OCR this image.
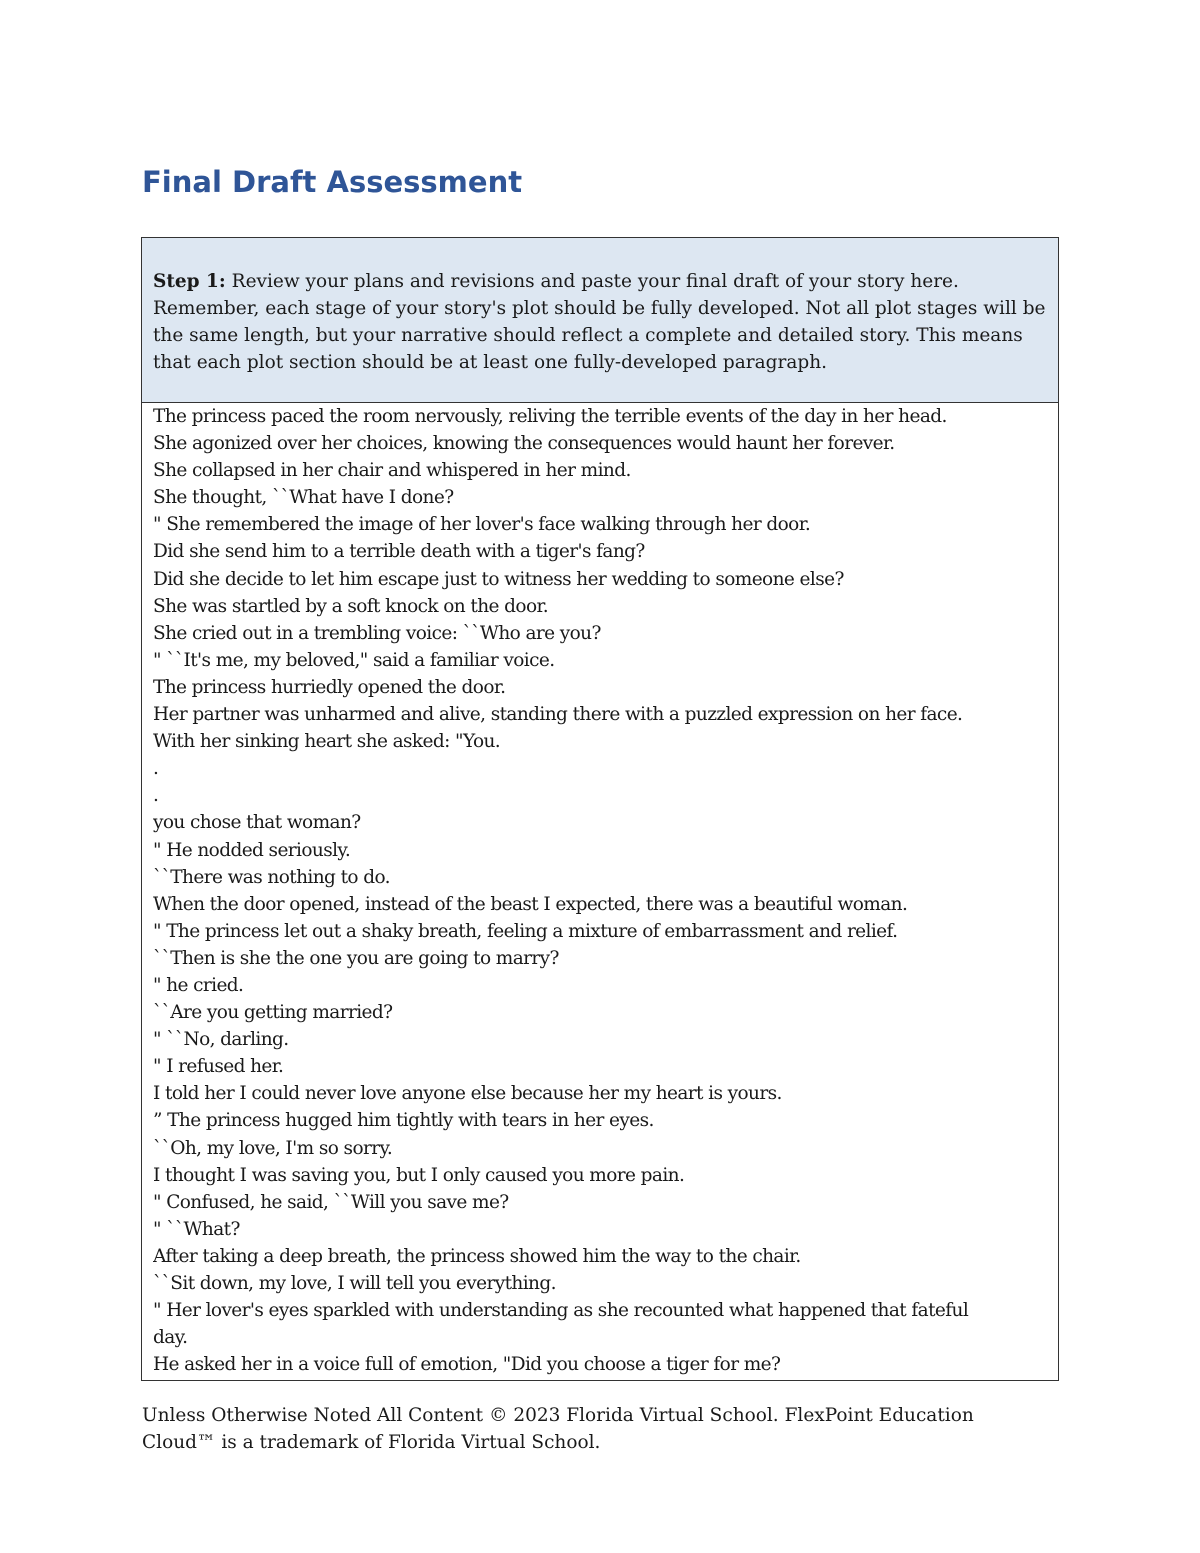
Final Draft Assessment
Step 1: Review your plans and revisions and paste your final draft of your story here. Remember, each stage of your story's plot should be fully developed. Not all plot stages will be the same length, but your narrative should reflect a complete and detailed story. This means that each plot section should be at least one fully-developed paragraph.
The princess paced the room nervously, reliving the terrible events of the day in her head.
She agonized over her choices, knowing the consequences would haunt her forever.
She collapsed in her chair and whispered in her mind.
She thought, ``What have I done?
" She remembered the image of her lover's face walking through her door.
Did she send him to a terrible death with a tiger's fang?
Did she decide to let him escape just to witness her wedding to someone else?
She was startled by a soft knock on the door.
She cried out in a trembling voice: ``Who are you?
" ``It's me, my beloved," said a familiar voice.
The princess hurriedly opened the door.
Her partner was unharmed and alive, standing there with a puzzled expression on her face.
With her sinking heart she asked: "You.
.
.
you chose that woman?
" He nodded seriously.
``There was nothing to do.
When the door opened, instead of the beast I expected, there was a beautiful woman.
" The princess let out a shaky breath, feeling a mixture of embarrassment and relief.
``Then is she the one you are going to marry?
" he cried.
``Are you getting married?
" ``No, darling.
" I refused her.
I told her I could never love anyone else because her my heart is yours.
” The princess hugged him tightly with tears in her eyes.
``Oh, my love, I'm so sorry.
I thought I was saving you, but I only caused you more pain.
" Confused, he said, ``Will you save me?
" ``What?
After taking a deep breath, the princess showed him the way to the chair.
``Sit down, my love, I will tell you everything.
" Her lover's eyes sparkled with understanding as she recounted what happened that fateful
day.
He asked her in a voice full of emotion, "Did you choose a tiger for me?
Unless Otherwise Noted All Content © 2023 Florida Virtual School. FlexPoint Education Cloud™ is a trademark of Florida Virtual School.
